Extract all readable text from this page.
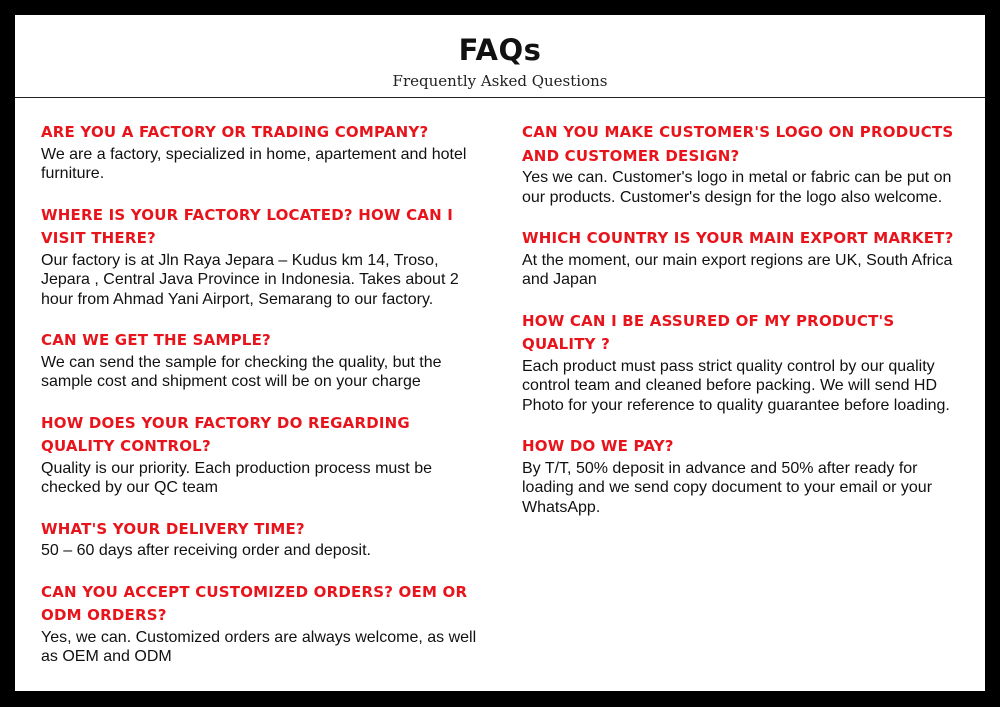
FAQs
Frequently Asked Questions
ARE YOU A FACTORY OR TRADING COMPANY?
We are a factory, specialized in home, apartement and hotel furniture.
WHERE IS YOUR FACTORY LOCATED? HOW CAN I VISIT THERE?
Our factory is at Jln Raya Jepara – Kudus km 14, Troso, Jepara , Central Java Province in Indonesia. Takes about 2 hour from Ahmad Yani Airport, Semarang to our factory.
CAN WE GET THE SAMPLE?
We can send the sample for checking the quality, but the sample cost and shipment cost will be on your charge
HOW DOES YOUR FACTORY DO REGARDING QUALITY CONTROL?
Quality is our priority. Each production process must be checked by our QC team
WHAT'S YOUR DELIVERY TIME?
50 – 60 days after receiving order and deposit.
CAN YOU ACCEPT CUSTOMIZED ORDERS? OEM OR ODM ORDERS?
Yes, we can. Customized orders are always welcome, as well as OEM and ODM
CAN YOU MAKE CUSTOMER'S LOGO ON PRODUCTS AND CUSTOMER DESIGN?
Yes we can. Customer's logo in metal or fabric can be put on our products. Customer's design for the logo also welcome.
WHICH COUNTRY IS YOUR MAIN EXPORT MARKET?
At the moment, our main export regions are UK, South Africa and Japan
HOW CAN I BE ASSURED OF MY PRODUCT'S QUALITY ?
Each product must pass strict quality control by our quality control team and cleaned before packing. We will send HD Photo for your reference to quality guarantee before loading.
HOW DO WE PAY?
By T/T, 50% deposit in advance and 50% after ready for loading and we send copy document to your email or your WhatsApp.
